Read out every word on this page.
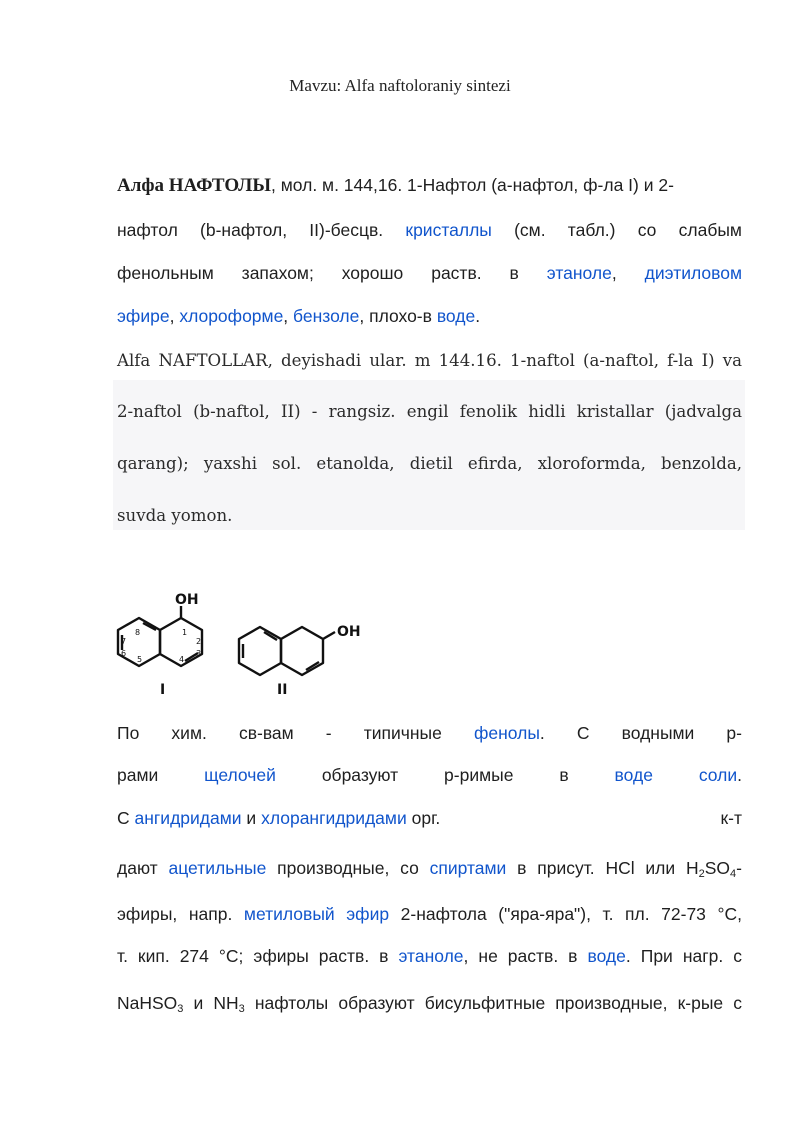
Mavzu: Alfa naftoloraniy sintezi
Алфа НАФТОЛЫ, мол. м. 144,16. 1-Нафтол (а-нафтол, ф-ла I) и 2-
нафтол (b-нафтол, II)-бесцв. кристаллы (см. табл.) со слабым
фенольным запахом; хорошо раств. в этаноле, диэтиловом
эфире, хлороформе, бензоле, плохо-в воде.
Alfa NAFTOLLAR, deyishadi ular. m 144.16. 1-naftol (a-naftol, f-la I) va
2-naftol (b-naftol, II) - rangsiz. engil fenolik hidli kristallar (jadvalga
qarang); yaxshi sol. etanolda, dietil efirda, xloroformda, benzolda,
suvda yomon.
OH
OH
1
2
3
4
5
6
7
8
I	II
По хим. св-вам - типичные фенолы. С водными р-
рами	щелочей	образуют р-римые в	воде соли.
С ангидридами и хлорангидридами орг.	к-т
дают ацетильные производные, со спиртами в присут. HCl или $H_2SO_4-$
эфиры, напр. метиловый эфир 2-нафтола ("яра-яра"), т. пл. 72-73 °С,
т. кип. 274 °С; эфиры раств. в этаноле, не раств. в воде. При нагр. с
NaHSO$_3$ и $NH_3$ нафтолы образуют бисульфитные производные, к-рые с
